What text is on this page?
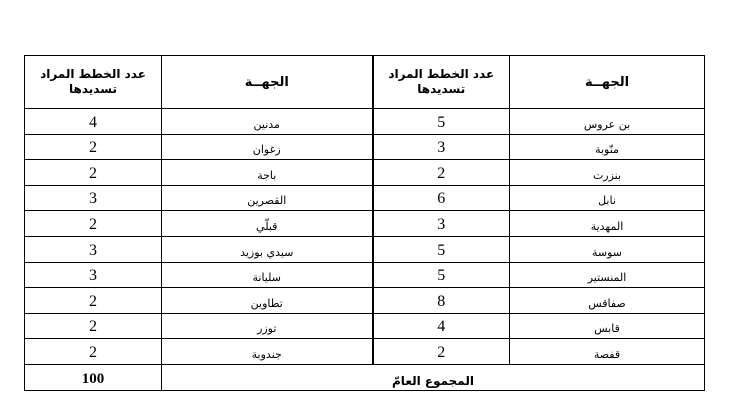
عدد الخطط المراد تسديدها	الجهــة	عدد الخطط المراد تسديدها	الجهــة
4	مدنين	5	بن عروس
2	زغوان	3	منّوبة
2	باجة	2	بنزرت
3	القصرين	6	نابل
2	قبلّي	3	المهدية
3	سيدي بوزيد	5	سوسة
3	سليانة	5	المنستير
2	تطاوين	8	صفاقس
2	توزر	4	قابس
2	جندوبة	2	قفصة
100	المجموع العامّ		
